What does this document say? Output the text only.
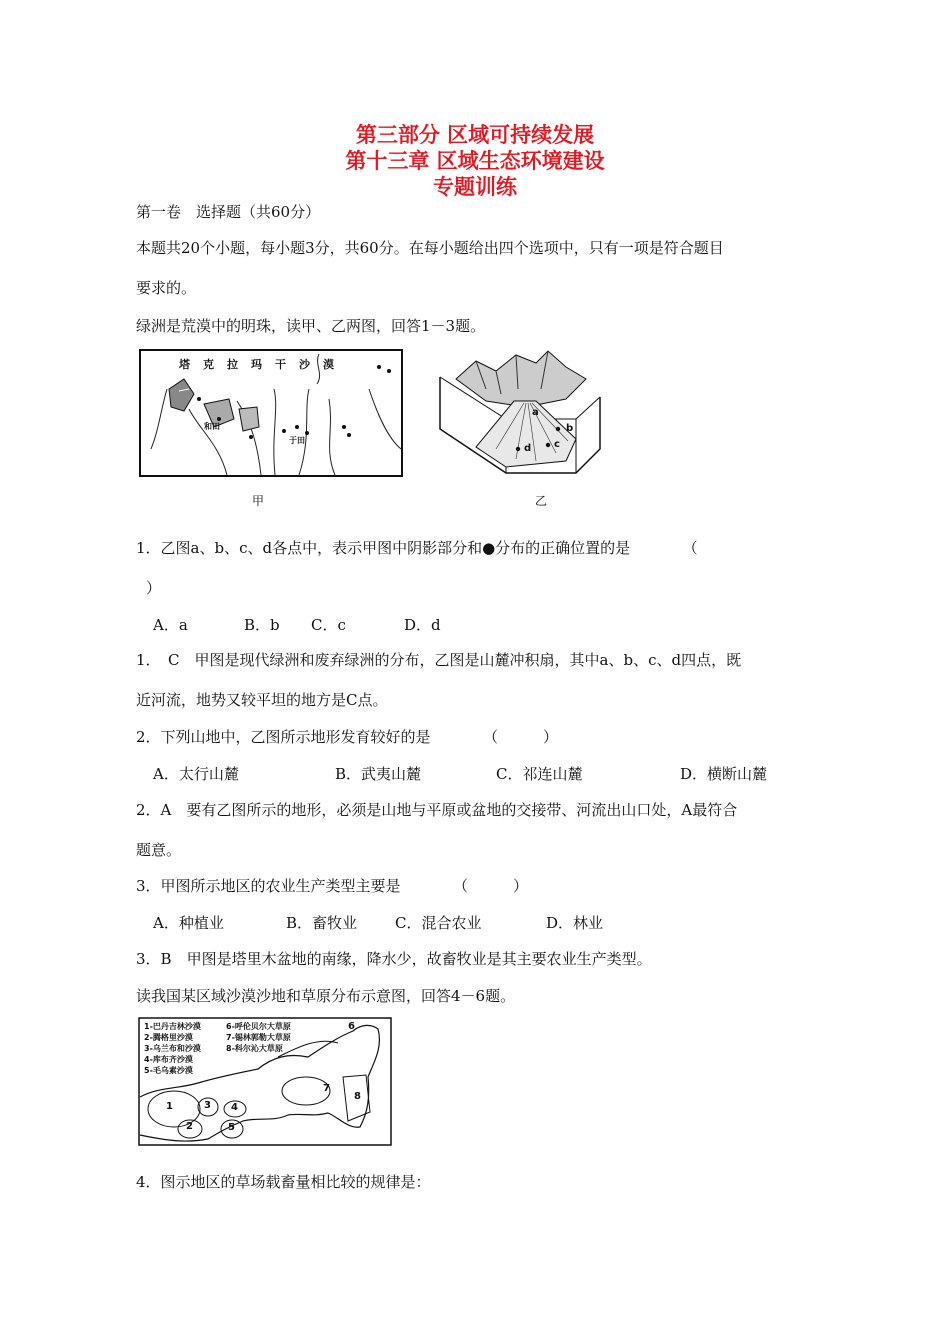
第三部分 区域可持续发展
第十三章 区域生态环境建设
专题训练
第一卷　选择题（共60分）
本题共20个小题，每小题3分，共60分。在每小题给出四个选项中，只有一项是符合题目
要求的。
绿洲是荒漠中的明珠，读甲、乙两图，回答1－3题。
塔克拉玛干沙漠
和田
于田
甲
a
b
c
d
乙
1．乙图a、b、c、d各点中，表示甲图中阴影部分和●分布的正确位置的是　　　　（
）
A．a	B．b C．c	D．d
1．　C　甲图是现代绿洲和废弃绿洲的分布，乙图是山麓冲积扇，其中a、b、c、d四点，既
近河流，地势又较平坦的地方是C点。
2．下列山地中，乙图所示地形发育较好的是　　　　（　　　）
A．太行山麓	B．武夷山麓	C．祁连山麓	D．横断山麓
2．A　要有乙图所示的地形，必须是山地与平原或盆地的交接带、河流出山口处，A最符合
题意。
3．甲图所示地区的农业生产类型主要是　　　　（　　　）
A．种植业	B．畜牧业	C．混合农业	D．林业
3．B　甲图是塔里木盆地的南缘，降水少，故畜牧业是其主要农业生产类型。
读我国某区域沙漠沙地和草原分布示意图，回答4－6题。
1-巴丹吉林沙漠
2-腾格里沙漠
3-乌兰布和沙漠
4-库布齐沙漠
5-毛乌素沙漠
6-呼伦贝尔大草原
7-锡林郭勒大草原
8-科尔沁大草原
1
2
3 4
5
6
7
8
4．图示地区的草场载畜量相比较的规律是：
